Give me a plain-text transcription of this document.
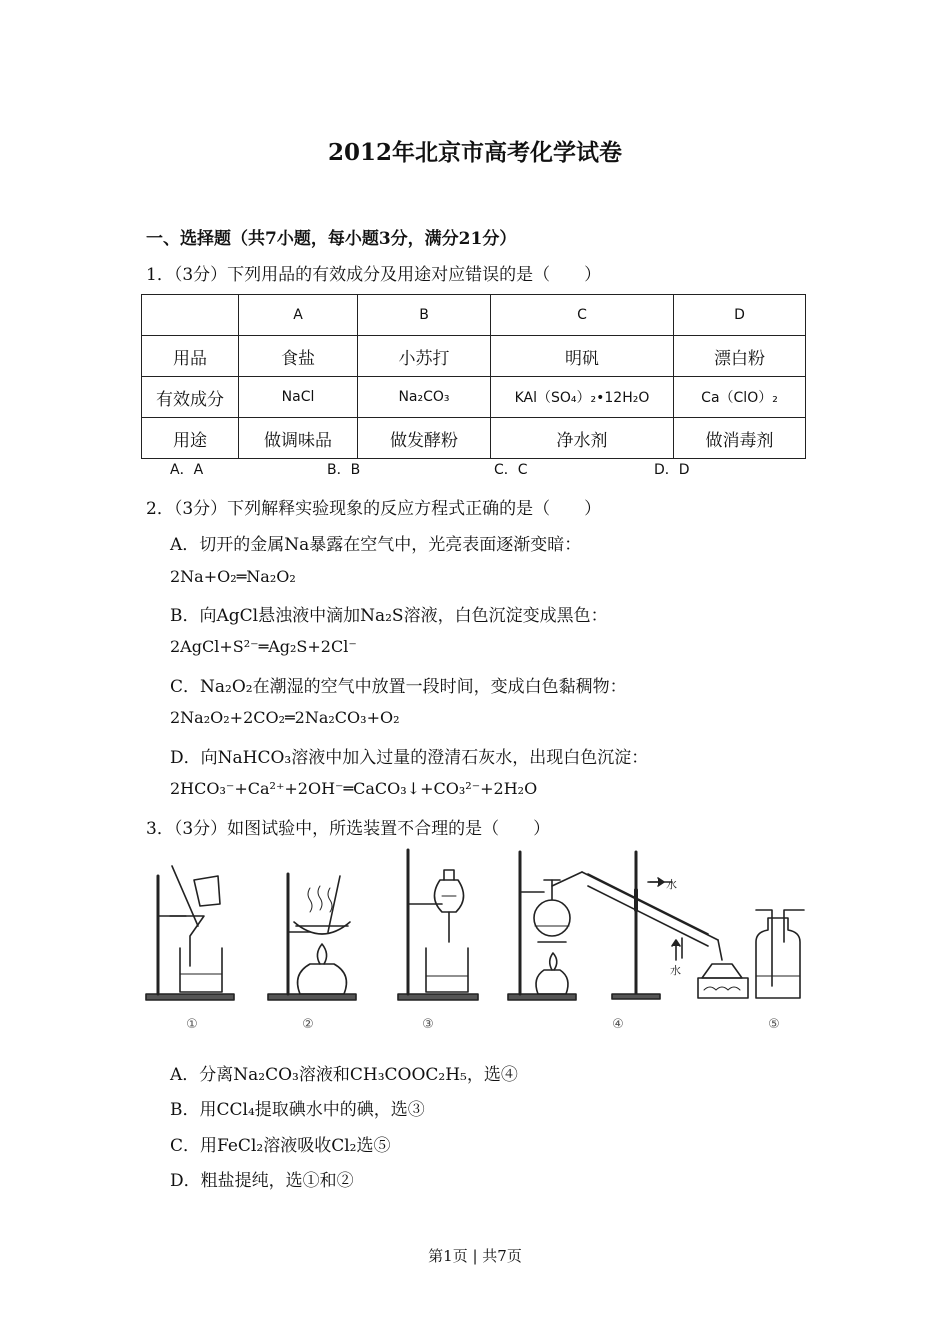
2012年北京市高考化学试卷
一、选择题（共7小题，每小题3分，满分21分）
1．（3分）下列用品的有效成分及用途对应错误的是（　　）
	A	B	C	D
用品	食盐	小苏打	明矾	漂白粉
有效成分	NaCl	Na₂CO₃	KAl（SO₄）₂•12H₂O	Ca（ClO）₂
用途	做调味品	做发酵粉	净水剂	做消毒剂
A．A	B．B	C．C	D．D
2．（3分）下列解释实验现象的反应方程式正确的是（　　）
A．切开的金属Na暴露在空气中，光亮表面逐渐变暗：
2Na+O₂═Na₂O₂
B．向AgCl悬浊液中滴加Na₂S溶液，白色沉淀变成黑色：
2AgCl+S²⁻═Ag₂S+2Cl⁻
C．Na₂O₂在潮湿的空气中放置一段时间，变成白色黏稠物：
2Na₂O₂+2CO₂═2Na₂CO₃+O₂
D．向NaHCO₃溶液中加入过量的澄清石灰水，出现白色沉淀：
2HCO₃⁻+Ca²⁺+2OH⁻═CaCO₃↓+CO₃²⁻+2H₂O
3．（3分）如图试验中，所选装置不合理的是（　　）
水
水
①	②	③	④	⑤
A．分离Na₂CO₃溶液和CH₃COOC₂H₅，选④
B．用CCl₄提取碘水中的碘，选③
C．用FeCl₂溶液吸收Cl₂选⑤
D．粗盐提纯，选①和②
第1页 | 共7页
